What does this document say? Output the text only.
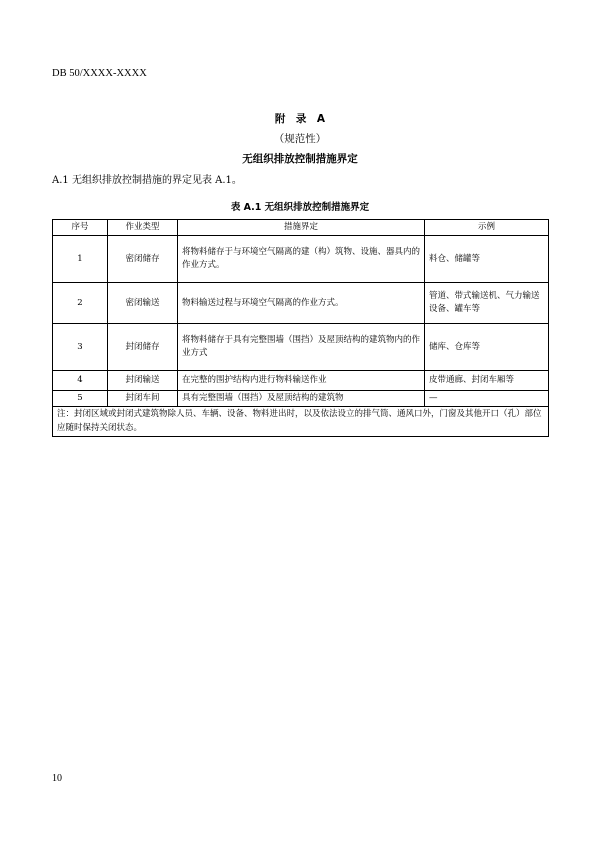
DB 50/XXXX-XXXX
附　录　A
（规范性）
无组织排放控制措施界定
A.1 无组织排放控制措施的界定见表 A.1。
表 A.1 无组织排放控制措施界定
序号	作业类型	措施界定	示例
1	密闭储存	将物料储存于与环境空气隔离的建（构）筑物、设施、器具内的作业方式。	料仓、储罐等
2	密闭输送	物料输送过程与环境空气隔离的作业方式。	管道、带式输送机、气力输送设备、罐车等
3	封闭储存	将物料储存于具有完整围墙（围挡）及屋顶结构的建筑物内的作业方式	储库、仓库等
4	封闭输送	在完整的围护结构内进行物料输送作业	皮带通廊、封闭车厢等
5	封闭车间	具有完整围墙（围挡）及屋顶结构的建筑物	—
注：封闭区域或封闭式建筑物除人员、车辆、设备、物料进出时，以及依法设立的排气筒、通风口外，门窗及其他开口（孔）部位应随时保持关闭状态。			
10
